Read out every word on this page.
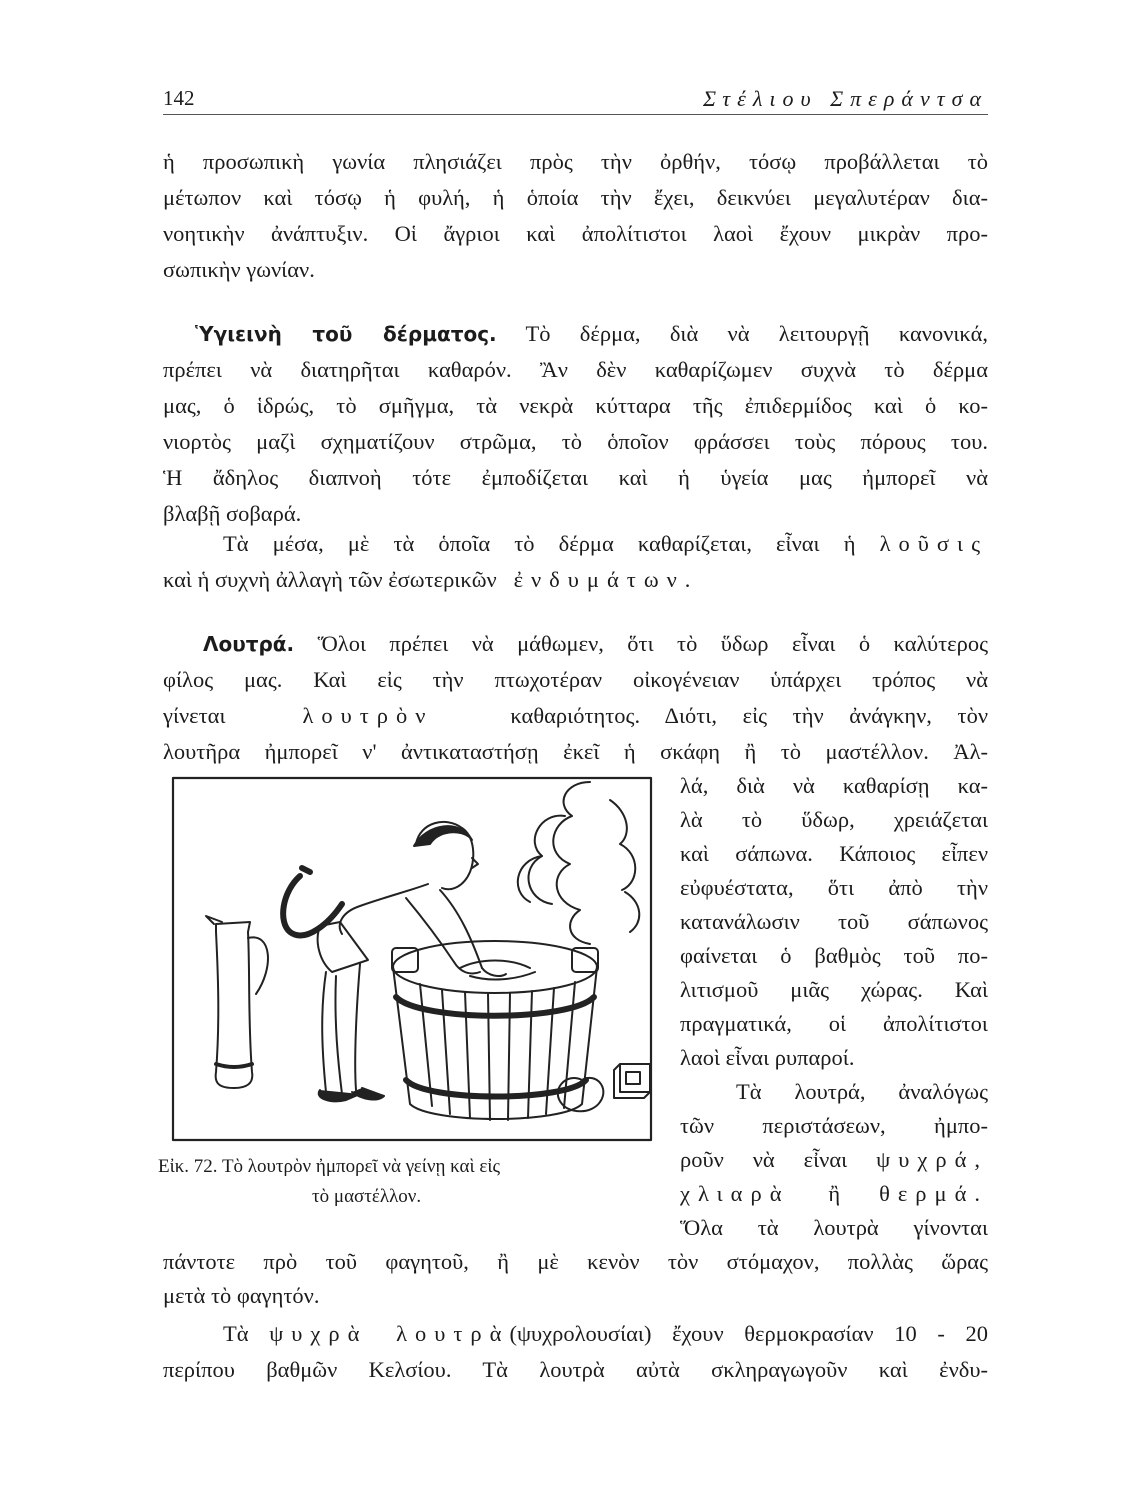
142	Στέλιου Σπεράντσα
ἡ προσωπικὴ γωνία πλησιάζει πρὸς τὴν ὀρθήν, τόσῳ προβάλλεται τὸ
μέτωπον καὶ τόσῳ ἡ φυλή, ἡ ὁποία τὴν ἔχει, δεικνύει μεγαλυτέραν δια-
νοητικὴν ἀνάπτυξιν. Οἱ ἄγριοι καὶ ἀπολίτιστοι λαοὶ ἔχουν μικρὰν προ-
σωπικὴν γωνίαν.
Ὑγιεινὴ τοῦ δέρματος. Τὸ δέρμα, διὰ νὰ λειτουργῇ κανονικά,
πρέπει νὰ διατηρῆται καθαρόν. Ἂν δὲν καθαρίζωμεν συχνὰ τὸ δέρμα
μας, ὁ ἱδρώς, τὸ σμῆγμα, τὰ νεκρὰ κύτταρα τῆς ἐπιδερμίδος καὶ ὁ κο-
νιορτὸς μαζὶ σχηματίζουν στρῶμα, τὸ ὁποῖον φράσσει τοὺς πόρους του.
Ἡ ἄδηλος διαπνοὴ τότε ἐμποδίζεται καὶ ἡ ὑγεία μας ἠμπορεῖ νὰ
βλαβῇ σοβαρά.
Τὰ μέσα, μὲ τὰ ὁποῖα τὸ δέρμα καθαρίζεται, εἶναι ἡ λοῦσις
καὶ ἡ συχνὴ ἀλλαγὴ τῶν ἐσωτερικῶν ἐνδυμάτων.
Λουτρά. Ὅλοι πρέπει νὰ μάθωμεν, ὅτι τὸ ὕδωρ εἶναι ὁ καλύτερος
φίλος μας. Καὶ εἰς τὴν πτωχοτέραν οἰκογένειαν ὑπάρχει τρόπος νὰ
γίνεται	λουτρὸν	καθαριότητος. Διότι, εἰς τὴν ἀνάγκην, τὸν
λουτῆρα ἠμπορεῖ ν' ἀντικαταστήσῃ ἐκεῖ ἡ σκάφη ἢ τὸ μαστέλλον. Ἀλ-
λά, διὰ νὰ καθαρίσῃ κα-
λὰ τὸ ὕδωρ, χρειάζεται
καὶ σάπωνα. Κάποιος εἶπεν
εὐφυέστατα, ὅτι ἀπὸ τὴν
κατανάλωσιν τοῦ σάπωνος
φαίνεται ὁ βαθμὸς τοῦ πο-
λιτισμοῦ μιᾶς χώρας. Καὶ
πραγματικά, οἱ ἀπολίτιστοι
λαοὶ εἶναι ρυπαροί.
Τὰ λουτρά, ἀναλόγως
τῶν περιστάσεων, ἠμπο-
ροῦν νὰ εἶναι ψυχρά,
χλιαρὰ ἢ θερμά.
Ὅλα τὰ λουτρὰ γίνονται
πάντοτε πρὸ τοῦ φαγητοῦ, ἢ μὲ κενὸν τὸν στόμαχον, πολλὰς ὥρας
μετὰ τὸ φαγητόν.
Τὰ ψυχρὰ λουτρὰ(ψυχρολουσίαι) ἔχουν θερμοκρασίαν 10 - 20
περίπου βαθμῶν Κελσίου. Τὰ λουτρὰ αὐτὰ σκληραγωγοῦν καὶ ἐνδυ-
Εἰκ. 72. Τὸ λουτρὸν ἠμπορεῖ νὰ γείνῃ καὶ εἰς
τὸ μαστέλλον.
